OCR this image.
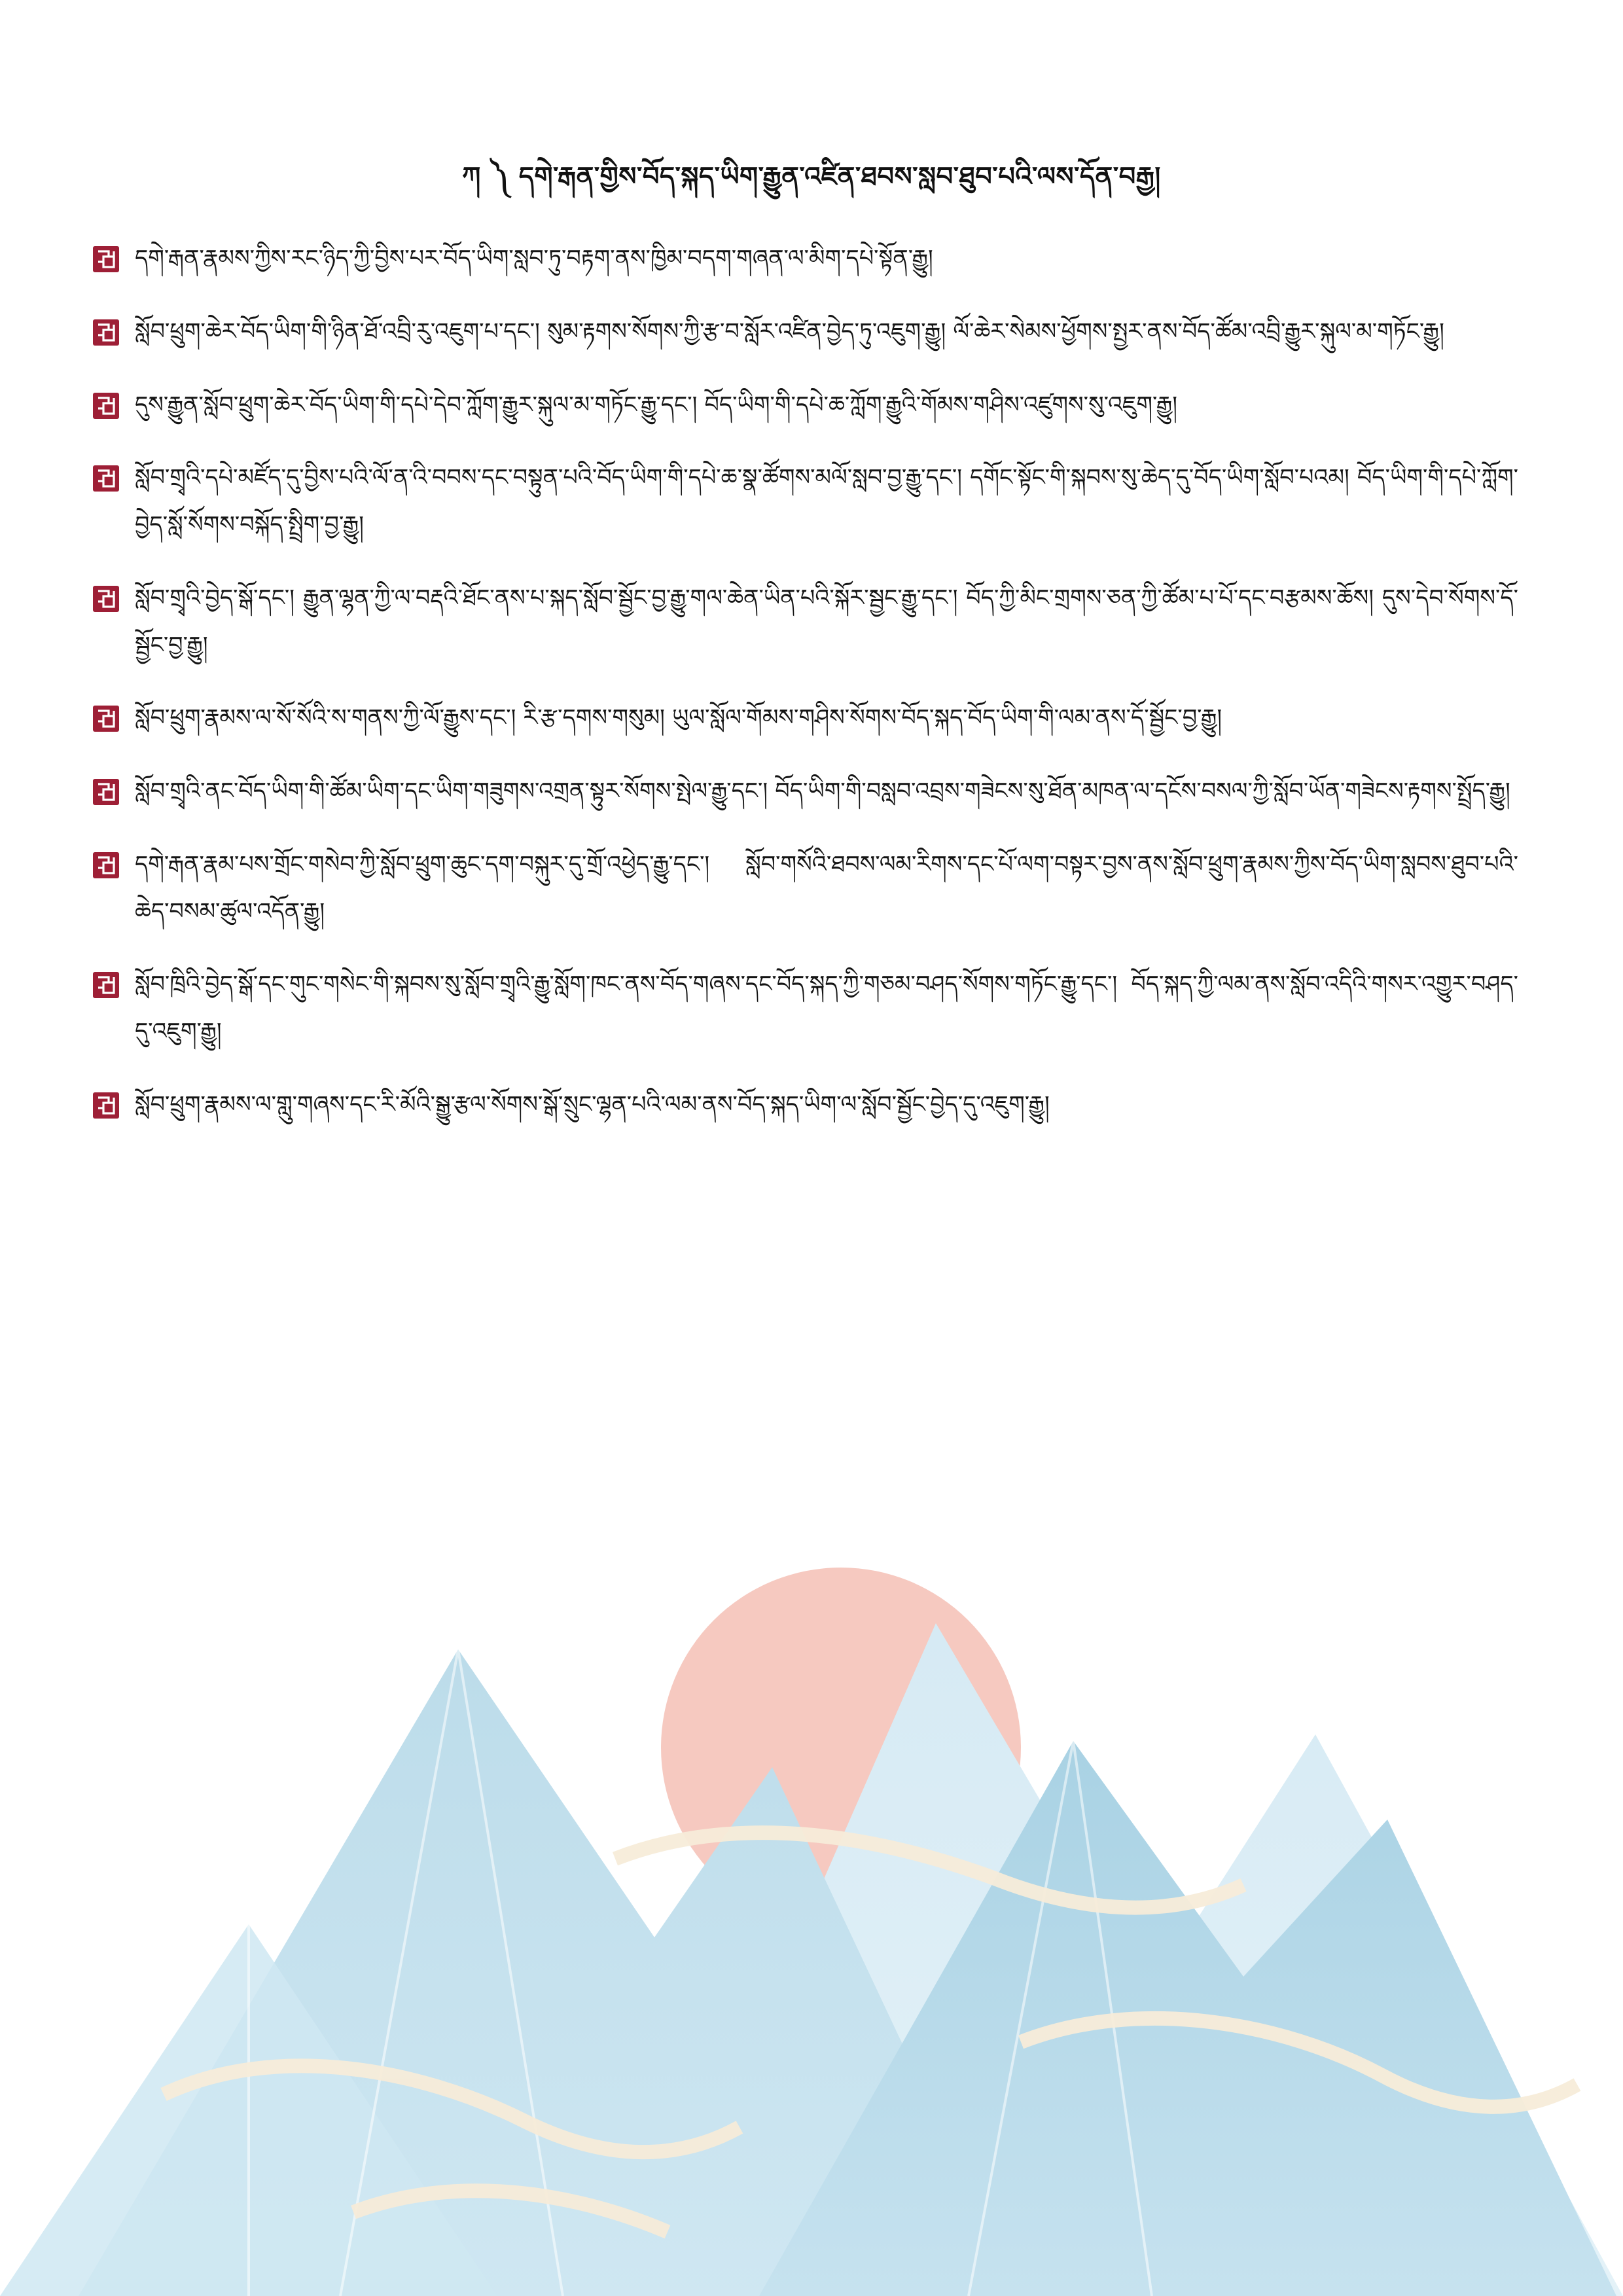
ཀ ༽ དགེ་རྒན་གྱིས་བོད་སྐད་ཡིག་རྒྱུན་འཛིན་ཐབས་སླབ་ཐུབ་པའི་ལས་དོན་བརྒྱ།
དགེ་རྒན་རྣམས་ཀྱིས་རང་ཉིད་ཀྱི་བྱིས་པར་བོད་ཡིག་སླབ་ཏུ་བརྟག་ནས་ཁྱིམ་བདག་གཞན་ལ་མིག་དཔེ་སྟོན་རྒྱུ།
སློབ་ཕྲུག་ཆེར་བོད་ཡིག་གི་ཉིན་ཐོ་འབྲི་རུ་འཇུག་པ་དང་། སུམ་རྟགས་སོགས་ཀྱི་རྩ་བ་སློར་འཛིན་བྱེད་ཏུ་འཇུག་རྒྱུ། ལོ་ཆེར་སེམས་ཕྱོགས་སྤྱར་ནས་བོད་ཚོམ་འབྲི་རྒྱུར་སྐུལ་མ་གཏོང་རྒྱུ།
དུས་རྒྱུན་སློབ་ཕྲུག་ཆེར་བོད་ཡིག་གི་དཔེ་དེབ་ཀློག་རྒྱུར་སྐུལ་མ་གཏོང་རྒྱུ་དང་། བོད་ཡིག་གི་དཔེ་ཆ་ཀློག་རྒྱུའི་གོམས་གཤིས་འཛུགས་སུ་འཇུག་རྒྱུ།
སློབ་གྲྭའི་དཔེ་མཛོད་དུ་བྱིས་པའི་ལོ་ན་འི་བབས་དང་བསྟུན་པའི་བོད་ཡིག་གི་དཔེ་ཆ་སྣ་ཚོགས་མལོ་སླབ་བྱ་རྒྱུ་དང་། དགོང་སྟོང་གི་སྐབས་སུ་ཆེད་དུ་བོད་ཡིག་སློབ་པའམ། བོད་ཡིག་གི་དཔེ་ཀློག་བྱེད་སློ་སོགས་བསྐོད་སྤྲིག་བྱ་རྒྱུ།
སློབ་གྲྭའི་བྱེད་སྒོ་དང་། རྒྱུན་ལྷན་ཀྱི་ལ་བརྡའི་ཐོང་ནས་པ་སྐད་སློབ་སྦྱོང་བྱ་རྒྱུ་གལ་ཆེན་ཡིན་པའི་སྐོར་སྦྱང་རྒྱུ་དང་། བོད་ཀྱི་མིང་གྲགས་ཅན་ཀྱི་ཚོམ་པ་པོ་དང་བརྩམས་ཆོས། དུས་དེབ་སོགས་དོ་སྦྱོང་བྱ་རྒྱུ།
སློབ་ཕྲུག་རྣམས་ལ་སོ་སོའི་ས་གནས་ཀྱི་ལོ་རྒྱུས་དང་། རི་རྩ་དགས་གསུམ། ཡུལ་སློལ་གོམས་གཤིས་སོགས་བོད་སྐད་བོད་ཡིག་གི་ལམ་ནས་དོ་སྦྱོང་བྱ་རྒྱུ།
སློབ་གྲྭའི་ནང་བོད་ཡིག་གི་ཚོམ་ཡིག་དང་ཡིག་གཟུགས་འགྲན་སྟུར་སོགས་སྤེལ་རྒྱུ་དང་། བོད་ཡིག་གི་བསླབ་འབྲས་གཟེངས་སུ་ཐོན་མཁན་ལ་དངོས་བསལ་ཀྱི་སློབ་ཡོན་གཟེངས་རྟགས་སྤྲོད་རྒྱུ།
དགེ་རྒན་རྣམ་པས་གྲོང་གསེབ་ཀྱི་སློབ་ཕྲུག་ཆུང་དག་བསྐུར་དུ་གྲོ་འཕྱེད་རྒྱུ་དང་། སློབ་གསོའི་ཐབས་ལམ་རིགས་དང་པོ་ལག་བསྟར་བྱས་ནས་སློབ་ཕྲུག་རྣམས་ཀྱིས་བོད་ཡིག་སླབས་ཐུབ་པའི་ཆེད་བསམ་ཚུལ་འདོན་རྒྱུ།
སློབ་ཁྲིའི་བྱེད་སྒོ་དང་གུང་གསེང་གི་སྐབས་སུ་སློབ་གྲྭའི་རྒྱུ་སློག་ཁང་ནས་བོད་གཞས་དང་བོད་སྐད་ཀྱི་གཅམ་བཤད་སོགས་གཏོང་རྒྱུ་དང་། བོད་སྐད་ཀྱི་ལམ་ནས་སློབ་འདིའི་གསར་འགྱུར་བཤད་དུ་འཇུག་རྒྱུ།
སློབ་ཕྲུག་རྣམས་ལ་གླུ་གཞས་དང་རི་མོའི་སྒྱུ་རྩལ་སོགས་སྒོ་སྲུང་ལྷན་པའི་ལམ་ནས་བོད་སྐད་ཡིག་ལ་སློབ་སྦྱོང་བྱེད་དུ་འཇུག་རྒྱུ།
